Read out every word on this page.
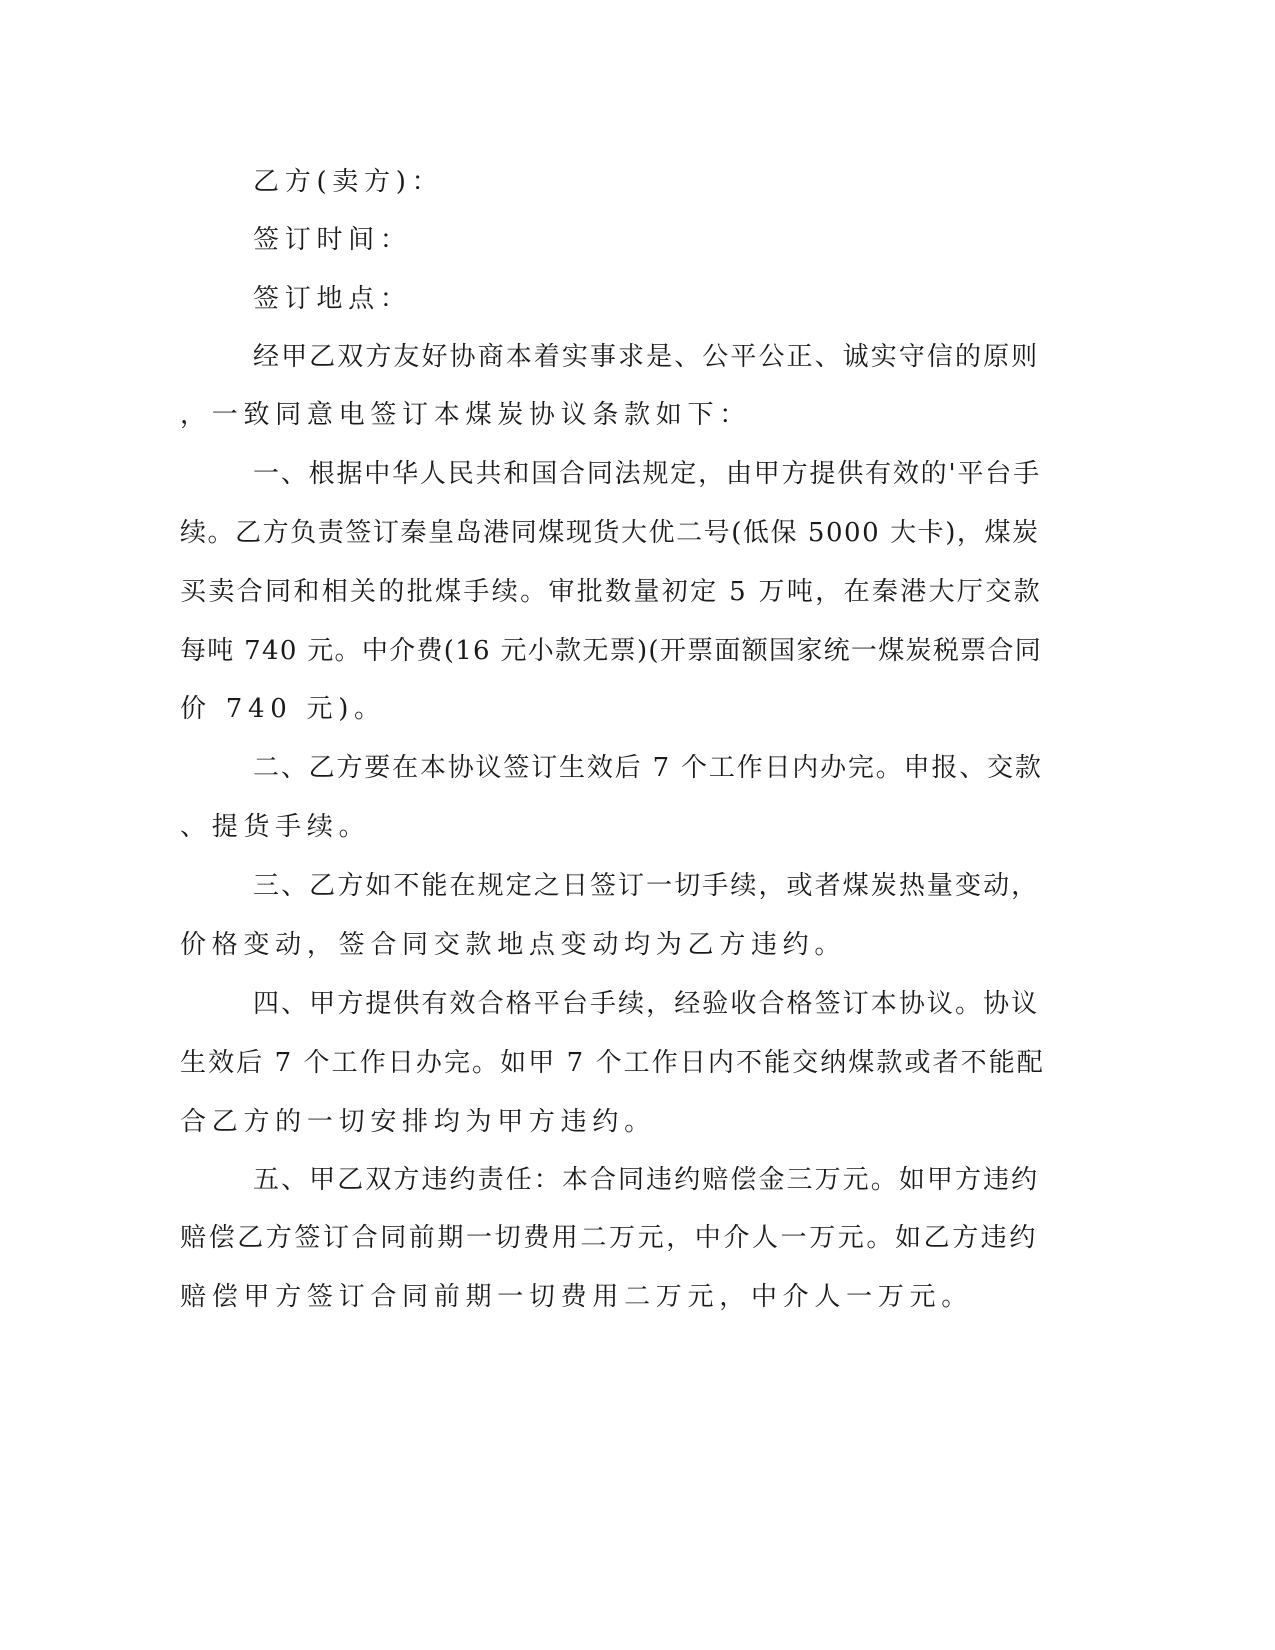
乙方(卖方)：

签订时间：

签订地点：

经甲乙双方友好协商本着实事求是、公平公正、诚实守信的原则

，一致同意电签订本煤炭协议条款如下：

一、根据中华人民共和国合同法规定，由甲方提供有效的'平台手

续。乙方负责签订秦皇岛港同煤现货大优二号(低保 5000 大卡)，煤炭

买卖合同和相关的批煤手续。审批数量初定 5 万吨，在秦港大厅交款

每吨 740 元。中介费(16 元小款无票)(开票面额国家统一煤炭税票合同

价 740 元)。

二、乙方要在本协议签订生效后 7 个工作日内办完。申报、交款

、提货手续。

三、乙方如不能在规定之日签订一切手续，或者煤炭热量变动，

价格变动，签合同交款地点变动均为乙方违约。

四、甲方提供有效合格平台手续，经验收合格签订本协议。协议

生效后 7 个工作日办完。如甲 7 个工作日内不能交纳煤款或者不能配

合乙方的一切安排均为甲方违约。

五、甲乙双方违约责任：本合同违约赔偿金三万元。如甲方违约

赔偿乙方签订合同前期一切费用二万元，中介人一万元。如乙方违约

赔偿甲方签订合同前期一切费用二万元，中介人一万元。
